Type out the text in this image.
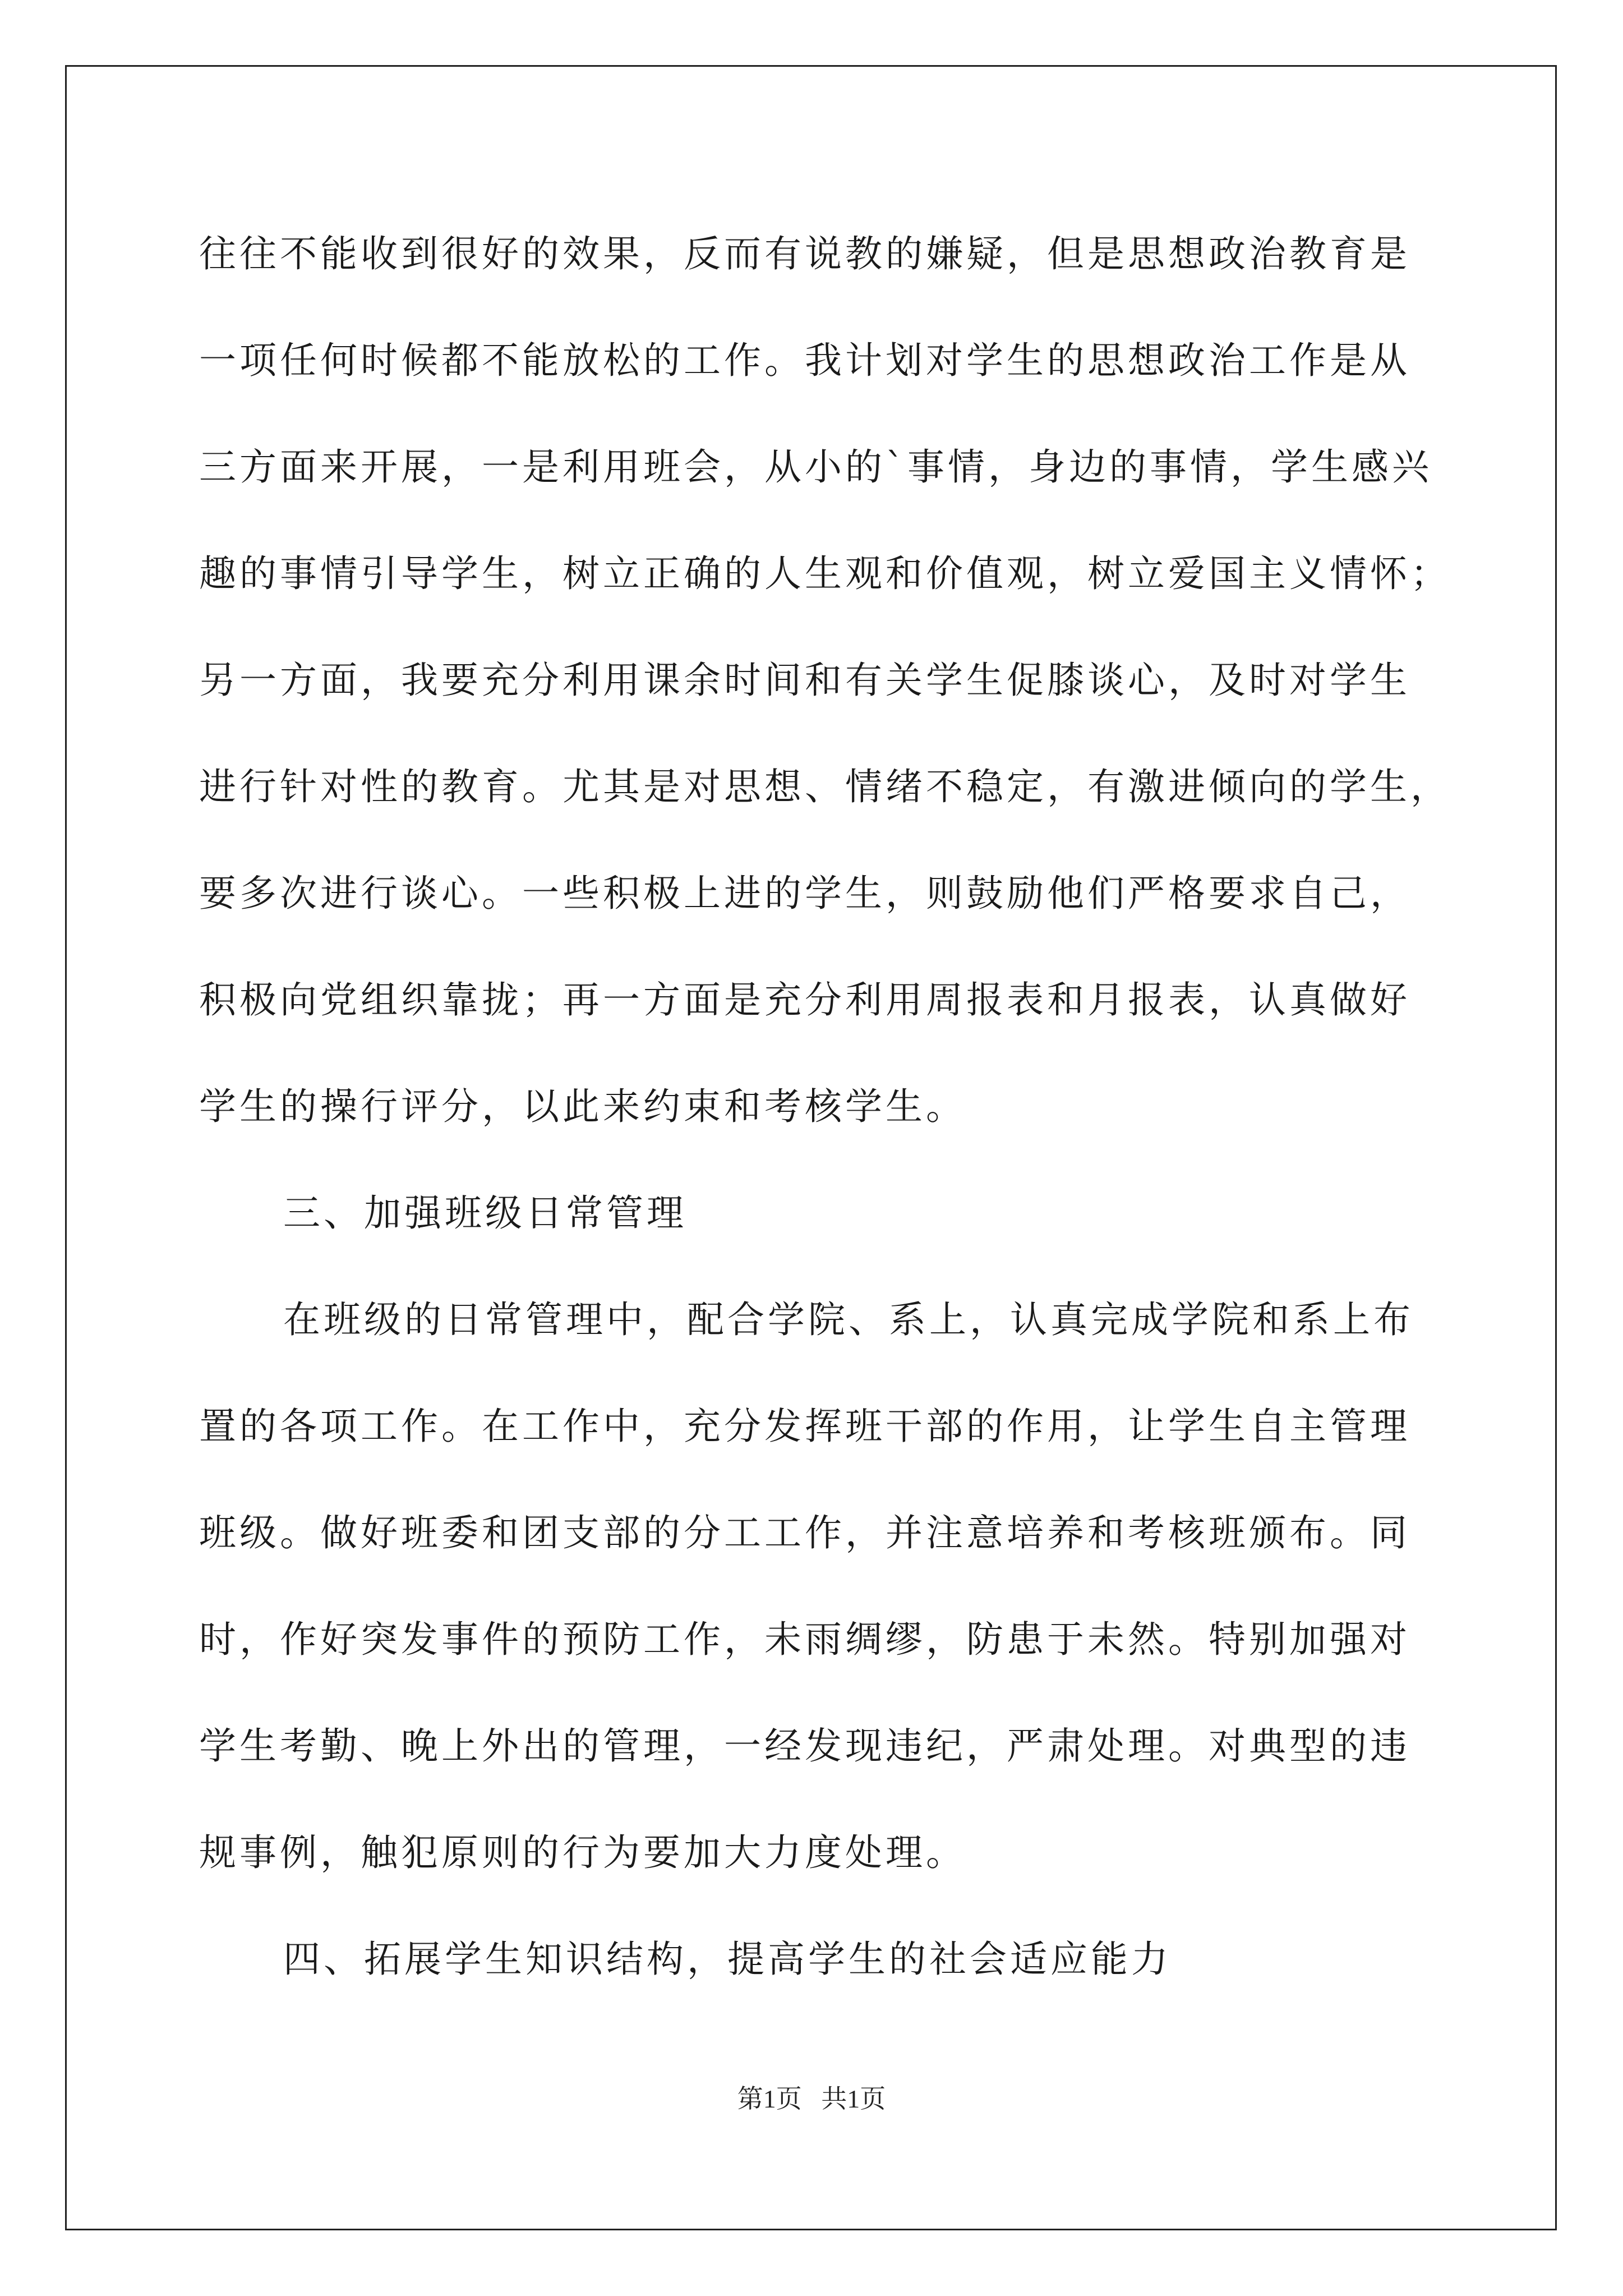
往往不能收到很好的效果，反而有说教的嫌疑，但是思想政治教育是
一项任何时候都不能放松的工作。我计划对学生的思想政治工作是从
三方面来开展，一是利用班会，从小的`事情，身边的事情，学生感兴
趣的事情引导学生，树立正确的人生观和价值观，树立爱国主义情怀；
另一方面，我要充分利用课余时间和有关学生促膝谈心，及时对学生
进行针对性的教育。尤其是对思想、情绪不稳定，有激进倾向的学生，
要多次进行谈心。一些积极上进的学生，则鼓励他们严格要求自己，
积极向党组织靠拢；再一方面是充分利用周报表和月报表，认真做好
学生的操行评分，以此来约束和考核学生。
三、加强班级日常管理
在班级的日常管理中，配合学院、系上，认真完成学院和系上布
置的各项工作。在工作中，充分发挥班干部的作用，让学生自主管理
班级。做好班委和团支部的分工工作，并注意培养和考核班颁布。同
时，作好突发事件的预防工作，未雨绸缪，防患于未然。特别加强对
学生考勤、晚上外出的管理，一经发现违纪，严肃处理。对典型的违
规事例，触犯原则的行为要加大力度处理。
四、拓展学生知识结构，提高学生的社会适应能力
第1页   共1页
